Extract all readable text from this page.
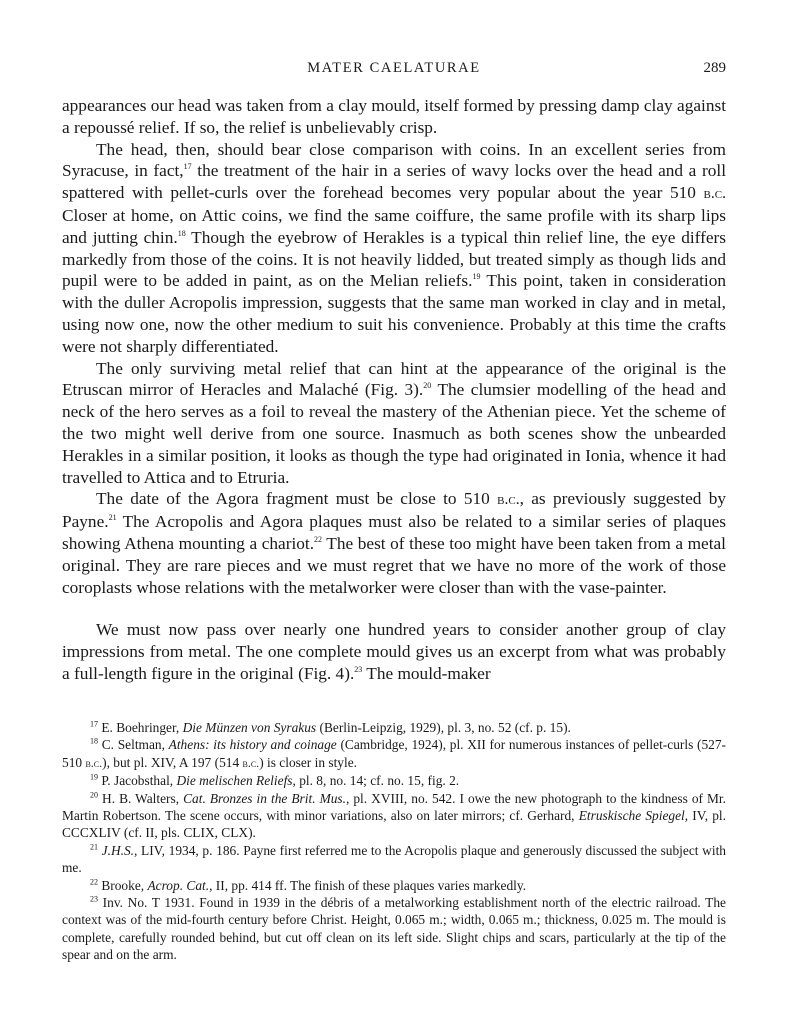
MATER CAELATURAE	289

appearances our head was taken from a clay mould, itself formed by pressing damp clay against a repoussé relief. If so, the relief is unbelievably crisp.

The head, then, should bear close comparison with coins. In an excellent series from Syracuse, in fact,$^{17}$ the treatment of the hair in a series of wavy locks over the head and a roll spattered with pellet-curls over the forehead becomes very popular about the year 510 b.c. Closer at home, on Attic coins, we find the same coiffure, the same profile with its sharp lips and jutting chin.$^{18}$ Though the eyebrow of Herakles is a typical thin relief line, the eye differs markedly from those of the coins. It is not heavily lidded, but treated simply as though lids and pupil were to be added in paint, as on the Melian reliefs.$^{19}$ This point, taken in consideration with the duller Acropolis impression, suggests that the same man worked in clay and in metal, using now one, now the other medium to suit his convenience. Probably at this time the crafts were not sharply differentiated.

The only surviving metal relief that can hint at the appearance of the original is the Etruscan mirror of Heracles and Malaché (Fig. 3).$^{20}$ The clumsier modelling of the head and neck of the hero serves as a foil to reveal the mastery of the Athenian piece. Yet the scheme of the two might well derive from one source. Inasmuch as both scenes show the unbearded Herakles in a similar position, it looks as though the type had originated in Ionia, whence it had travelled to Attica and to Etruria.

The date of the Agora fragment must be close to 510 b.c., as previously suggested by Payne.$^{21}$ The Acropolis and Agora plaques must also be related to a similar series of plaques showing Athena mounting a chariot.$^{22}$ The best of these too might have been taken from a metal original. They are rare pieces and we must regret that we have no more of the work of those coroplasts whose relations with the metalworker were closer than with the vase-painter.

We must now pass over nearly one hundred years to consider another group of clay impressions from metal. The one complete mould gives us an excerpt from what was probably a full-length figure in the original (Fig. 4).$^{23}$ The mould-maker

$^{17}$ E. Boehringer, Die Münzen von Syrakus (Berlin-Leipzig, 1929), pl. 3, no. 52 (cf. p. 15).

$^{18}$ C. Seltman, Athens: its history and coinage (Cambridge, 1924), pl. XII for numerous instances of pellet-curls (527-510 b.c.), but pl. XIV, A 197 (514 b.c.) is closer in style.

$^{19}$ P. Jacobsthal, Die melischen Reliefs, pl. 8, no. 14; cf. no. 15, fig. 2.

$^{20}$ H. B. Walters, Cat. Bronzes in the Brit. Mus., pl. XVIII, no. 542. I owe the new photograph to the kindness of Mr. Martin Robertson. The scene occurs, with minor variations, also on later mirrors; cf. Gerhard, Etruskische Spiegel, IV, pl. CCCXLIV (cf. II, pls. CLIX, CLX).

$^{21}$ J.H.S., LIV, 1934, p. 186. Payne first referred me to the Acropolis plaque and generously discussed the subject with me.

$^{22}$ Brooke, Acrop. Cat., II, pp. 414 ff. The finish of these plaques varies markedly.

$^{23}$ Inv. No. T 1931. Found in 1939 in the débris of a metalworking establishment north of the electric railroad. The context was of the mid-fourth century before Christ. Height, 0.065 m.; width, 0.065 m.; thickness, 0.025 m. The mould is complete, carefully rounded behind, but cut off clean on its left side. Slight chips and scars, particularly at the tip of the spear and on the arm.
